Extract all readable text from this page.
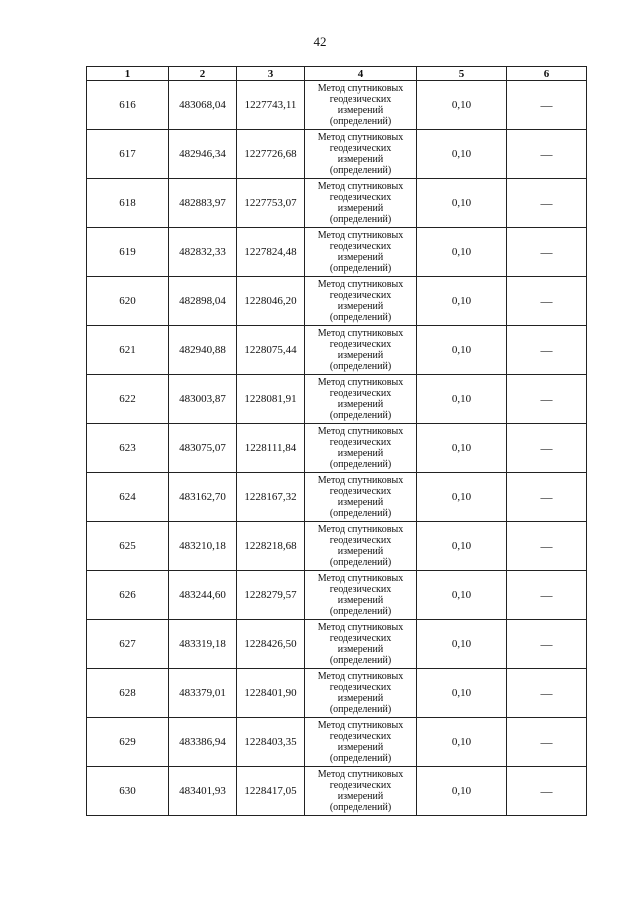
42
1	2	3	4	5	6
616	483068,04	1227743,11	Метод спутниковых
геодезических
измерений
(определений)	0,10	—
617	482946,34	1227726,68	Метод спутниковых
геодезических
измерений
(определений)	0,10	—
618	482883,97	1227753,07	Метод спутниковых
геодезических
измерений
(определений)	0,10	—
619	482832,33	1227824,48	Метод спутниковых
геодезических
измерений
(определений)	0,10	—
620	482898,04	1228046,20	Метод спутниковых
геодезических
измерений
(определений)	0,10	—
621	482940,88	1228075,44	Метод спутниковых
геодезических
измерений
(определений)	0,10	—
622	483003,87	1228081,91	Метод спутниковых
геодезических
измерений
(определений)	0,10	—
623	483075,07	1228111,84	Метод спутниковых
геодезических
измерений
(определений)	0,10	—
624	483162,70	1228167,32	Метод спутниковых
геодезических
измерений
(определений)	0,10	—
625	483210,18	1228218,68	Метод спутниковых
геодезических
измерений
(определений)	0,10	—
626	483244,60	1228279,57	Метод спутниковых
геодезических
измерений
(определений)	0,10	—
627	483319,18	1228426,50	Метод спутниковых
геодезических
измерений
(определений)	0,10	—
628	483379,01	1228401,90	Метод спутниковых
геодезических
измерений
(определений)	0,10	—
629	483386,94	1228403,35	Метод спутниковых
геодезических
измерений
(определений)	0,10	—
630	483401,93	1228417,05	Метод спутниковых
геодезических
измерений
(определений)	0,10	—
